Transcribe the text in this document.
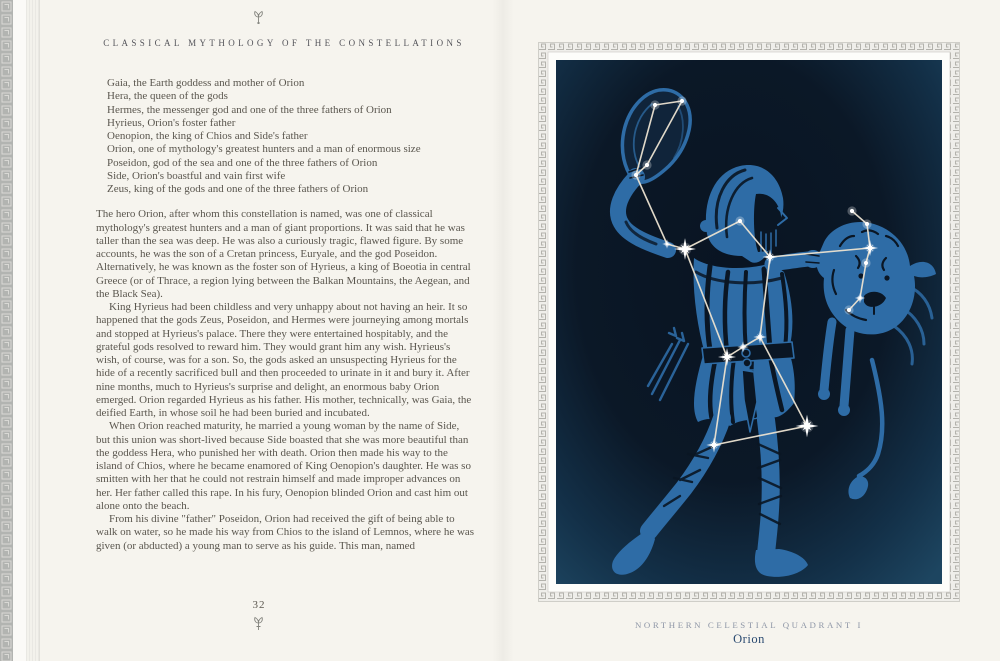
CLASSICAL MYTHOLOGY OF THE CONSTELLATIONS
Gaia, the Earth goddess and mother of Orion
Hera, the queen of the gods
Hermes, the messenger god and one of the three fathers of Orion
Hyrieus, Orion's foster father
Oenopion, the king of Chios and Side's father
Orion, one of mythology's greatest hunters and a man of enormous size
Poseidon, god of the sea and one of the three fathers of Orion
Side, Orion's boastful and vain first wife
Zeus, king of the gods and one of the three fathers of Orion

The hero Orion, after whom this constellation is named, was one of classical mythology's greatest hunters and a man of giant proportions. It was said that he was taller than the sea was deep. He was also a curiously tragic, flawed figure. By some accounts, he was the son of a Cretan princess, Euryale, and the god Poseidon. Alternatively, he was known as the foster son of Hyrieus, a king of Boeotia in central Greece (or of Thrace, a region lying between the Balkan Mountains, the Aegean, and the Black Sea).

King Hyrieus had been childless and very unhappy about not having an heir. It so happened that the gods Zeus, Poseidon, and Hermes were journeying among mortals and stopped at Hyrieus's palace. There they were entertained hospitably, and the grateful gods resolved to reward him. They would grant him any wish. Hyrieus's wish, of course, was for a son. So, the gods asked an unsuspecting Hyrieus for the hide of a recently sacrificed bull and then proceeded to urinate in it and bury it. After nine months, much to Hyrieus's surprise and delight, an enormous baby Orion emerged. Orion regarded Hyrieus as his father. His mother, technically, was Gaia, the deified Earth, in whose soil he had been buried and incubated.

When Orion reached maturity, he married a young woman by the name of Side, but this union was short-lived because Side boasted that she was more beautiful than the goddess Hera, who punished her with death. Orion then made his way to the island of Chios, where he became enamored of King Oenopion's daughter. He was so smitten with her that he could not restrain himself and made improper advances on her. Her father called this rape. In his fury, Oenopion blinded Orion and cast him out alone onto the beach.

From his divine "father" Poseidon, Orion had received the gift of being able to walk on water, so he made his way from Chios to the island of Lemnos, where he was given (or abducted) a young man to serve as his guide. This man, named

32
NORTHERN CELESTIAL QUADRANT I
Orion
